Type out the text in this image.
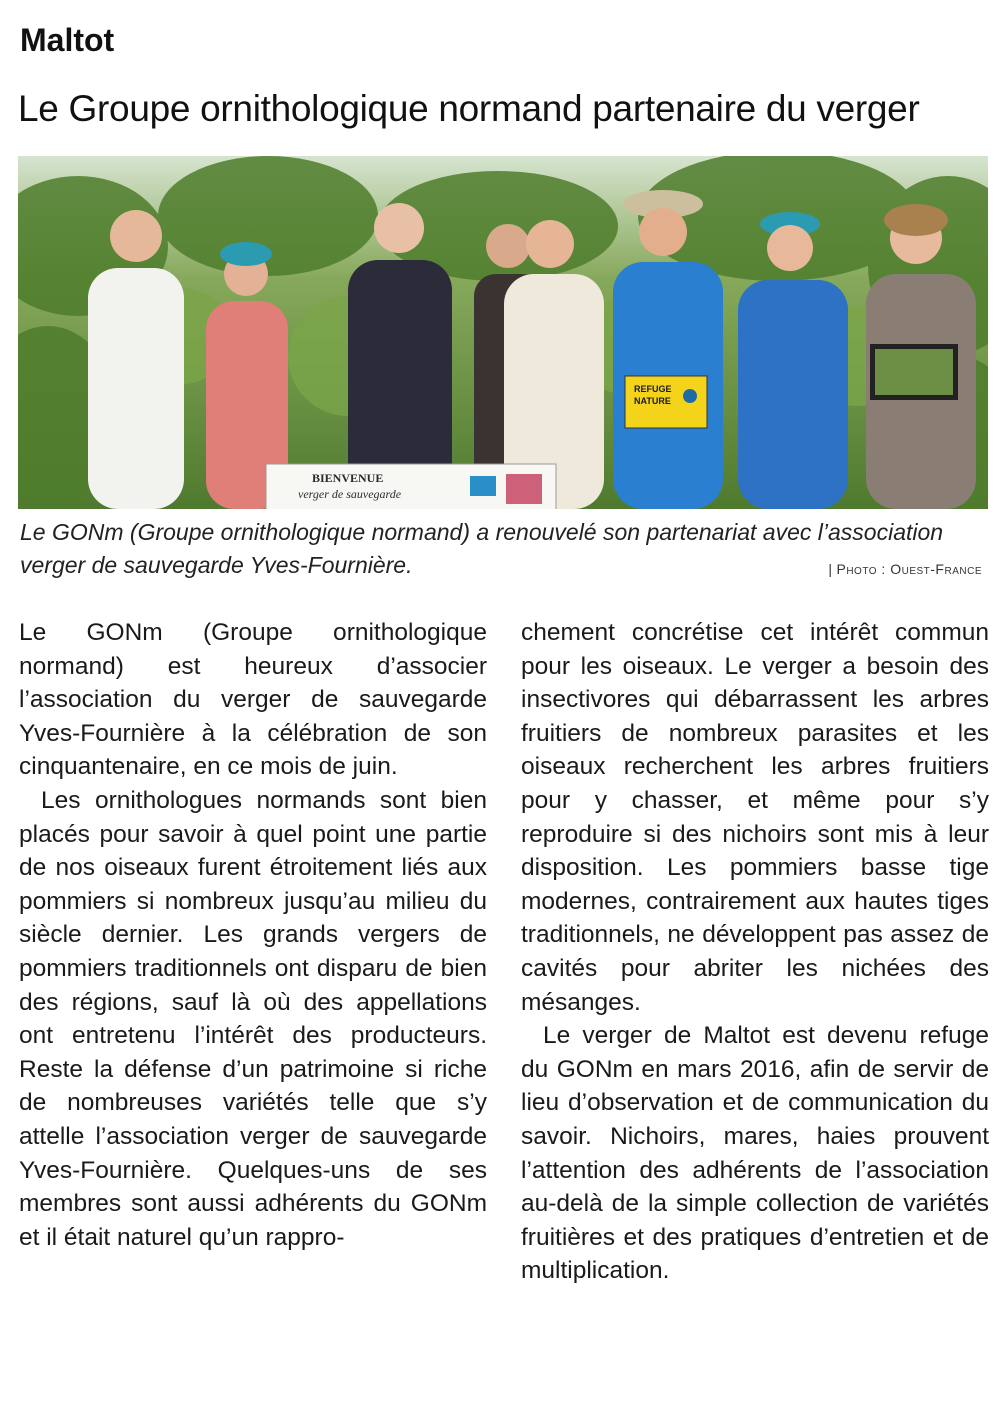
Maltot
Le Groupe ornithologique normand partenaire du verger
REFUGE
NATURE
BIENVENUE
verger de sauvegarde
Le GONm (Groupe ornithologique normand) a renouvelé son partenariat avec l’association verger de sauvegarde Yves-Fournière.	| Photo : Ouest-France

Le GONm (Groupe ornithologique normand) est heureux d’associer l’association du verger de sauvegarde Yves-Fournière à la célébration de son cinquantenaire, en ce mois de juin.

Les ornithologues normands sont bien placés pour savoir à quel point une partie de nos oiseaux furent étroitement liés aux pommiers si nombreux jusqu’au milieu du siècle dernier. Les grands vergers de pommiers traditionnels ont disparu de bien des régions, sauf là où des appellations ont entretenu l’intérêt des producteurs. Reste la défense d’un patrimoine si riche de nombreuses variétés telle que s’y attelle l’association verger de sauvegarde Yves-Fournière. Quelques-uns de ses membres sont aussi adhérents du GONm et il était naturel qu’un rappro-

chement concrétise cet intérêt commun pour les oiseaux. Le verger a besoin des insectivores qui débarrassent les arbres fruitiers de nombreux parasites et les oiseaux recherchent les arbres fruitiers pour y chasser, et même pour s’y reproduire si des nichoirs sont mis à leur disposition. Les pommiers basse tige modernes, contrairement aux hautes tiges traditionnels, ne développent pas assez de cavités pour abriter les nichées des mésanges.

Le verger de Maltot est devenu refuge du GONm en mars 2016, afin de servir de lieu d’observation et de communication du savoir. Nichoirs, mares, haies prouvent l’attention des adhérents de l’association au-delà de la simple collection de variétés fruitières et des pratiques d’entretien et de multiplication.
